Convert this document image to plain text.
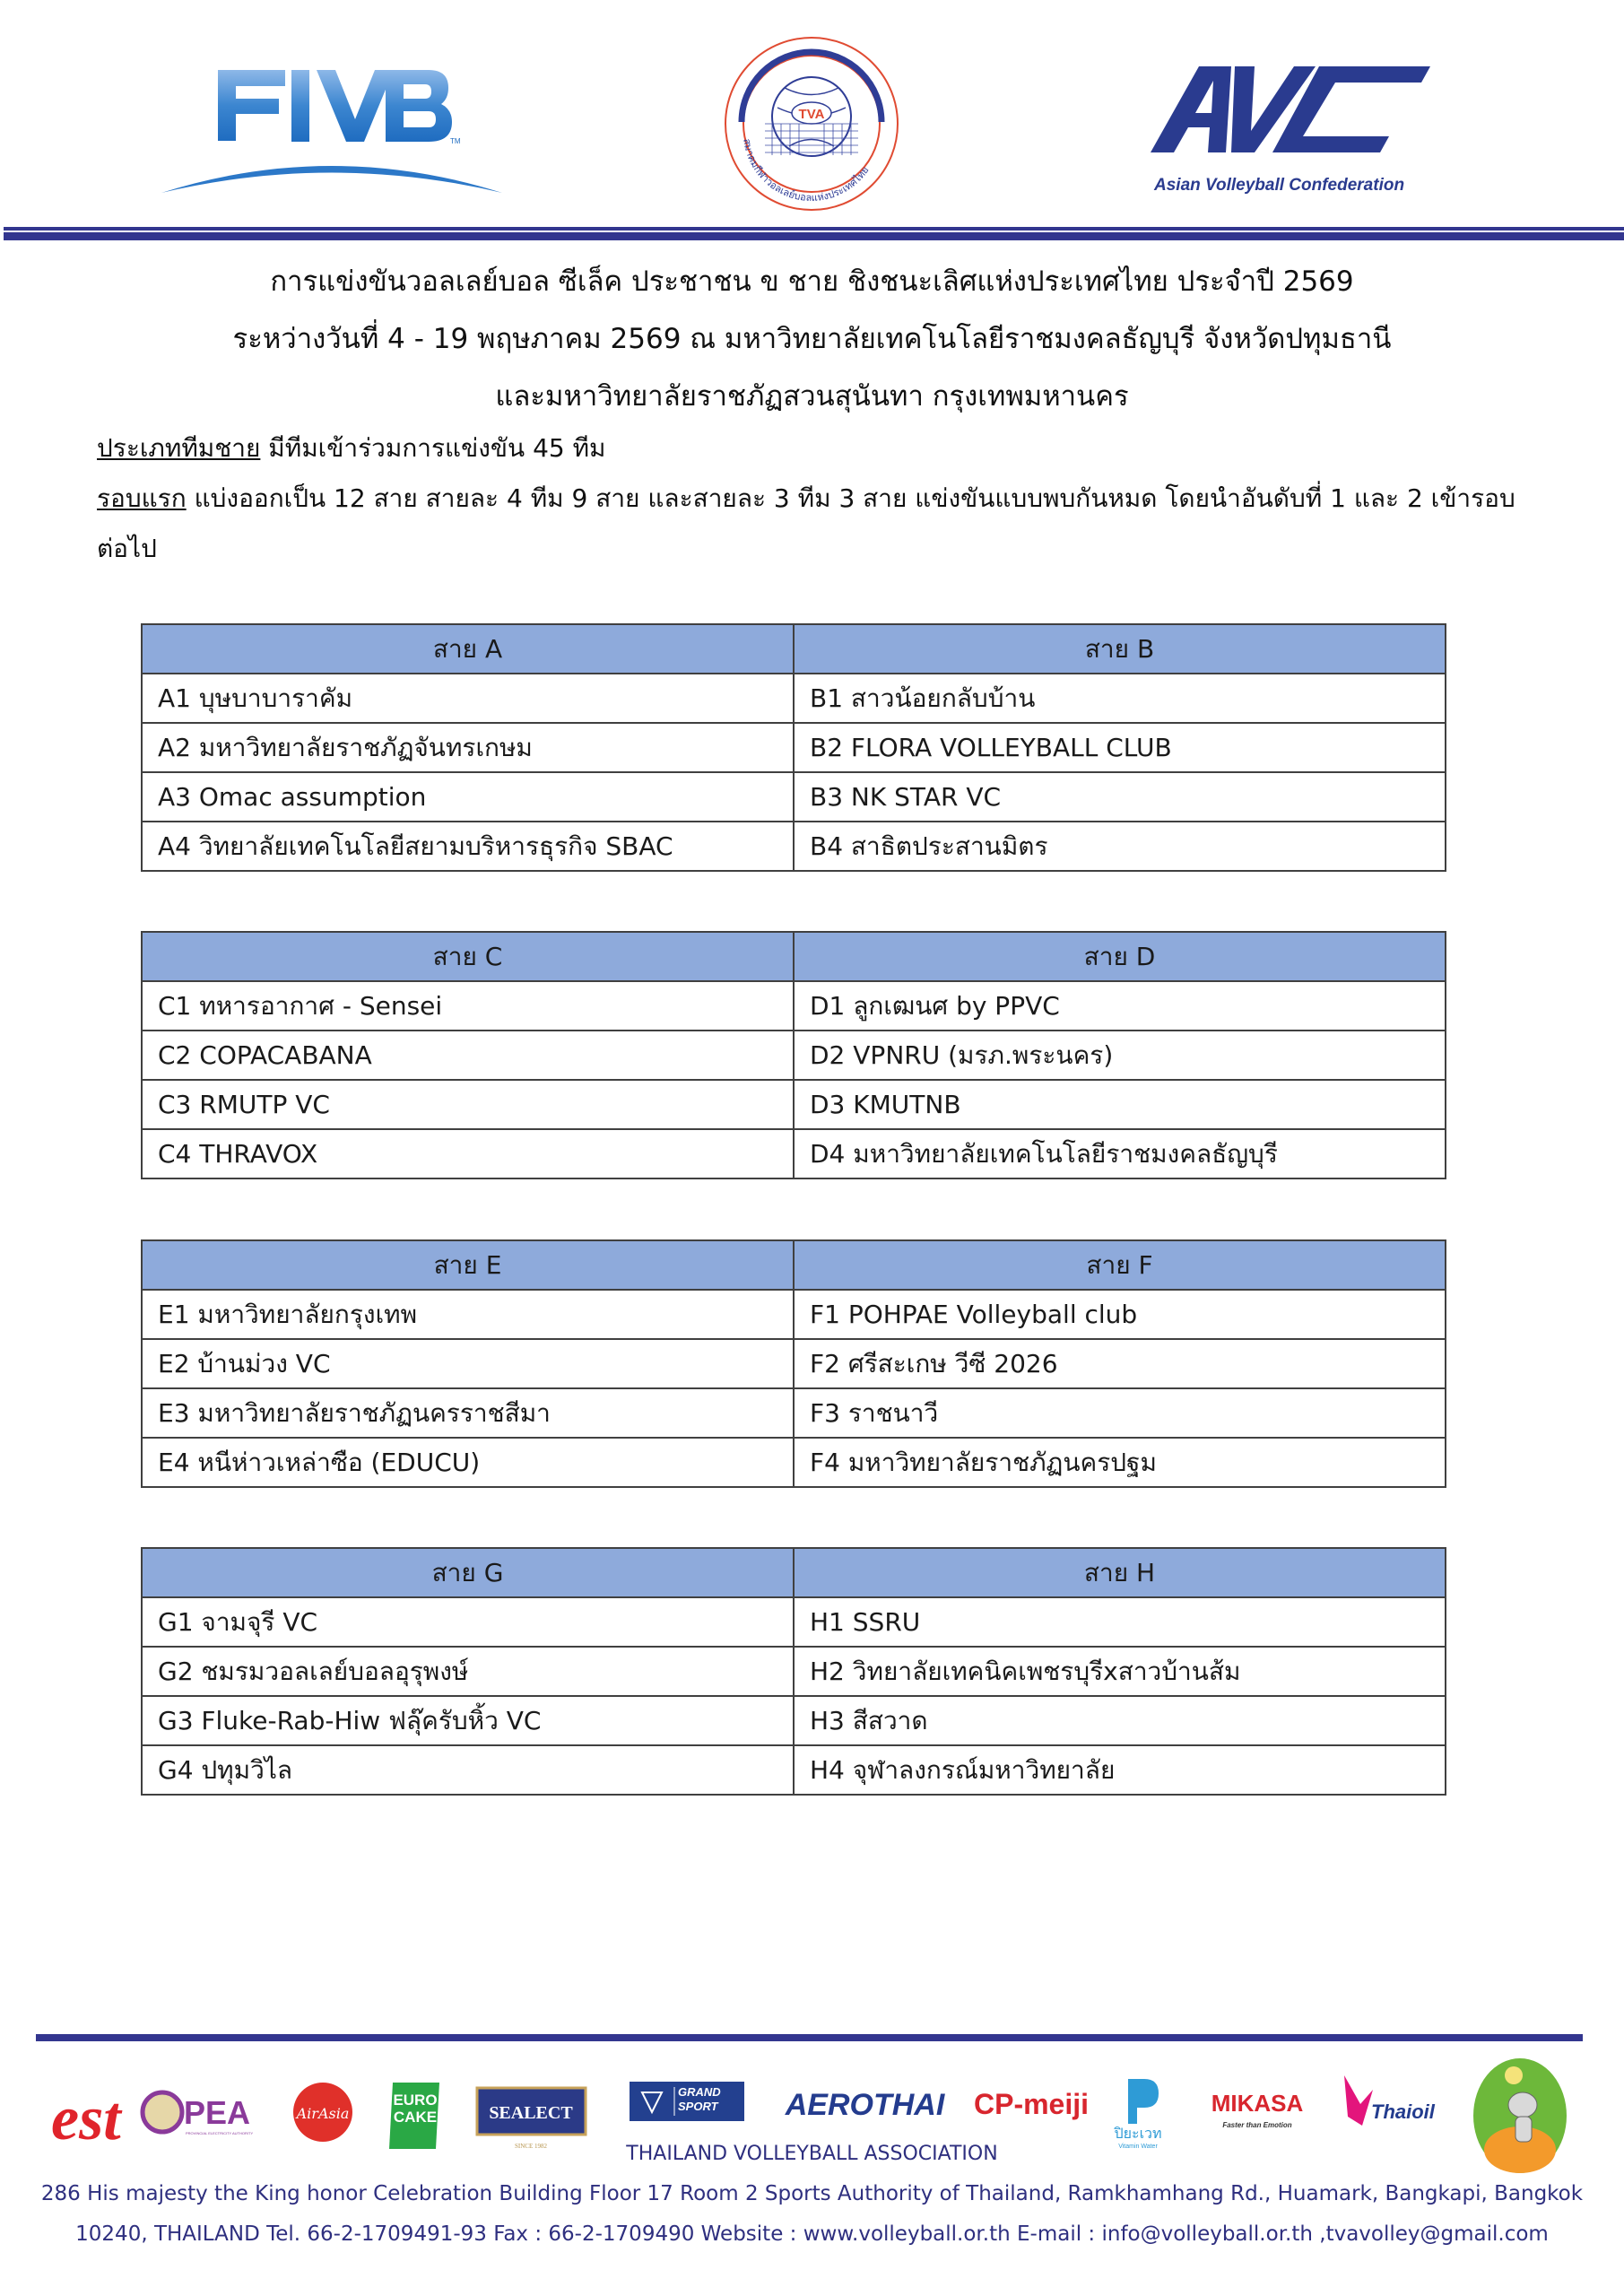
TM
TVA
สมาคมกีฬาวอลเลย์บอลแห่งประเทศไทย
Asian Volleyball Confederation
การแข่งขันวอลเลย์บอล ซีเล็ค ประชาชน ข ชาย ชิงชนะเลิศแห่งประเทศไทย ประจำปี 2569
ระหว่างวันที่ 4 - 19 พฤษภาคม 2569 ณ มหาวิทยาลัยเทคโนโลยีราชมงคลธัญบุรี จังหวัดปทุมธานี
และมหาวิทยาลัยราชภัฏสวนสุนันทา กรุงเทพมหานคร
ประเภททีมชาย มีทีมเข้าร่วมการแข่งขัน 45 ทีม
รอบแรก แบ่งออกเป็น 12 สาย สายละ 4 ทีม 9 สาย และสายละ 3 ทีม 3 สาย แข่งขันแบบพบกันหมด โดยนำอันดับที่ 1 และ 2 เข้ารอบ
ต่อไป
สาย A	สาย B
A1 บุษบาบาราคัม	B1 สาวน้อยกลับบ้าน
A2 มหาวิทยาลัยราชภัฏจันทรเกษม	B2 FLORA VOLLEYBALL CLUB
A3 Omac assumption	B3 NK STAR VC
A4 วิทยาลัยเทคโนโลยีสยามบริหารธุรกิจ SBAC	B4 สาธิตประสานมิตร
สาย C	สาย D
C1 ทหารอากาศ - Sensei	D1 ลูกเฒนศ by PPVC
C2 COPACABANA	D2 VPNRU (มรภ.พระนคร)
C3 RMUTP VC	D3 KMUTNB
C4 THRAVOX	D4 มหาวิทยาลัยเทคโนโลยีราชมงคลธัญบุรี
สาย E	สาย F
E1 มหาวิทยาลัยกรุงเทพ	F1 POHPAE Volleyball club
E2 บ้านม่วง VC	F2 ศรีสะเกษ วีซี 2026
E3 มหาวิทยาลัยราชภัฏนครราชสีมา	F3 ราชนาวี
E4 หนีห่าวเหล่าซือ (EDUCU)	F4 มหาวิทยาลัยราชภัฏนครปฐม
สาย G	สาย H
G1 จามจุรี VC	H1 SSRU
G2 ชมรมวอลเลย์บอลอุรุพงษ์	H2 วิทยาลัยเทคนิคเพชรบุรีxสาวบ้านส้ม
G3 Fluke-Rab-Hiw ฟลุ๊ครับหิ้ว VC	H3 สีสวาด
G4 ปทุมวิไล	H4 จุฬาลงกรณ์มหาวิทยาลัย
est PEA
PROVINCIAL ELECTRICITY AUTHORITY
AirAsia
EURO CAKE	SEALECT
SINCE 1982
GRAND SPORT AEROTHAI CP-meiji
ปิยะเวท
Vitamin Water
MIKASA
Faster than Emotion
Thaioil
THAILAND VOLLEYBALL ASSOCIATION
286 His majesty the King honor Celebration Building Floor 17 Room 2 Sports Authority of Thailand, Ramkhamhang Rd., Huamark, Bangkapi, Bangkok
10240, THAILAND Tel. 66-2-1709491-93 Fax : 66-2-1709490 Website : www.volleyball.or.th E-mail : info@volleyball.or.th ,tvavolley@gmail.com
